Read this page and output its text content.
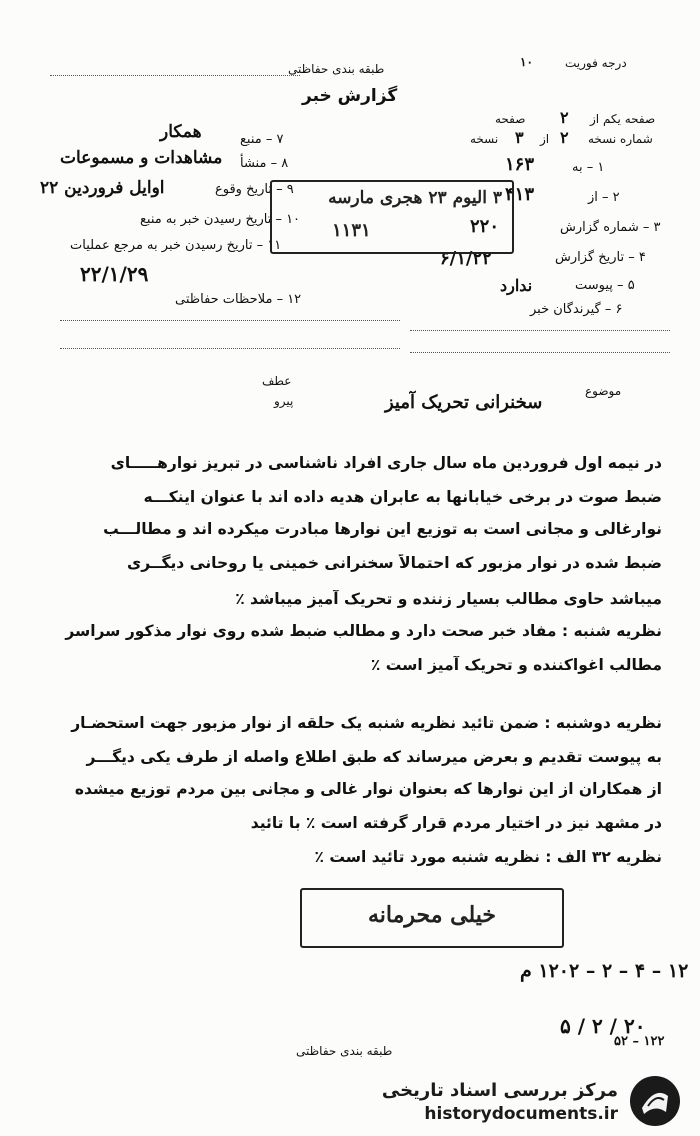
طبقه بندی حفاظتی	درجه فوریت
۱۰
گزارش خبر
صفحه یکم از
۲
صفحه
شماره نسخه
۲
از
۳
نسخه
۱ – به
۱۶۳
۲ – از
۴۱۳
۳ – شماره گزارش
۲۲۰
۴ – تاریخ گزارش
۶/۱/۲۲
۵ – پیوست
ندارد
۶ – گیرندگان خبر
۷ – منبع
همکار
۸ – منشأ
مشاهدات و مسموعات
۹ – تاریخ وقوع
اوایل فروردین ۲۲
۱۰ – تاریخ رسیدن خبر به منبع
۱۱ – تاریخ رسیدن خبر به مرجع عملیات
۲۲/۱/۲۹
۱۲ – ملاحظات حفاظتی
۳ الیوم ۲۳ هجری مارسه
۱۱۳۱
موضوع
سخنرانی تحریک آمیز
عطف
پیرو
در نیمه اول فروردین ماه سال جاری افراد ناشناسی در تبریز نوارهـــــای
ضبط صوت در برخی خیابانها به عابران هدیه داده اند با عنوان اینکـــه
نوارغالی و مجانی است به توزیع این نوارها مبادرت میکرده اند و مطالـــب
ضبط شده در نوار مزبور که احتمالاً سخنرانی خمینی یا روحانی دیگــری
میباشد حاوی مطالب بسیار زننده و تحریک آمیز میباشد ٪
نظریه شنبه : مفاد خبر صحت دارد و مطالب ضبط شده روی نوار مذکور سراسر
مطالب اغواکننده و تحریک آمیز است ٪
نظریه دوشنبه : ضمن تائید نظریه شنبه یک حلقه از نوار مزبور جهت استحضـار
به پیوست تقدیم و بعرض میرساند که طبق اطلاع واصله از طرف یکی دیگـــر
از همکاران از این نوارها که بعنوان نوار غالی و مجانی بین مردم توزیع میشده
در مشهد نیز در اختیار مردم قرار گرفته است ٪ با تائید
نظریه ۳۲ الف : نظریه شنبه مورد تائید است ٪
خیلی محرمانه
۱۲ – ۴ – ۲ – ۱۲۰۲ م
۵ / ۲ / ۲۰
۵۲ – ۱۲۲
طبقه بندی حفاظتی
مرکز بررسی اسناد تاریخی
historydocuments.ir
